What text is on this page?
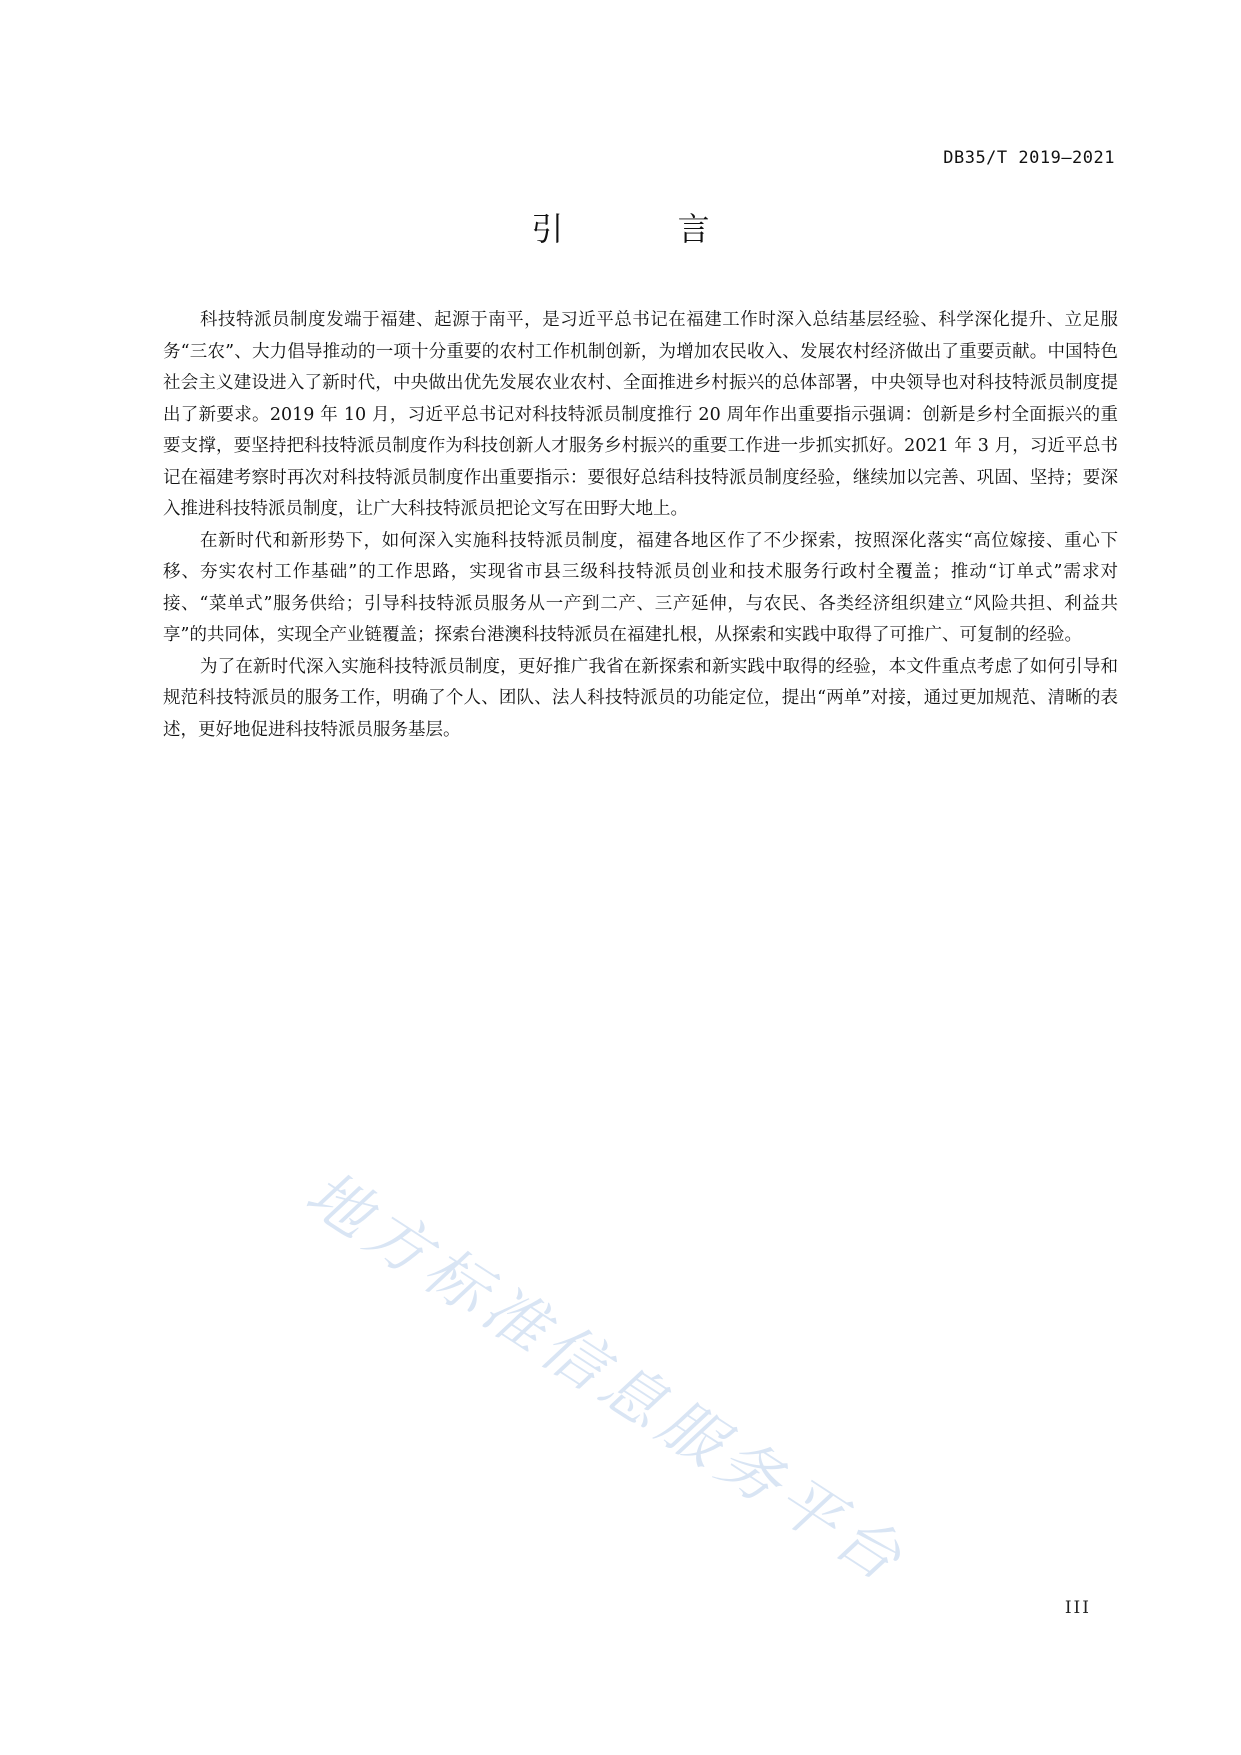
DB35/T 2019—2021
引 言

科技特派员制度发端于福建、起源于南平，是习近平总书记在福建工作时深入总结基层经验、科学深化提升、立足服务“三农”、大力倡导推动的一项十分重要的农村工作机制创新，为增加农民收入、发展农村经济做出了重要贡献。中国特色社会主义建设进入了新时代，中央做出优先发展农业农村、全面推进乡村振兴的总体部署，中央领导也对科技特派员制度提出了新要求。2019 年 10 月，习近平总书记对科技特派员制度推行 20 周年作出重要指示强调：创新是乡村全面振兴的重要支撑，要坚持把科技特派员制度作为科技创新人才服务乡村振兴的重要工作进一步抓实抓好。2021 年 3 月，习近平总书记在福建考察时再次对科技特派员制度作出重要指示：要很好总结科技特派员制度经验，继续加以完善、巩固、坚持；要深入推进科技特派员制度，让广大科技特派员把论文写在田野大地上。

在新时代和新形势下，如何深入实施科技特派员制度，福建各地区作了不少探索，按照深化落实“高位嫁接、重心下移、夯实农村工作基础”的工作思路，实现省市县三级科技特派员创业和技术服务行政村全覆盖；推动“订单式”需求对接、“菜单式”服务供给；引导科技特派员服务从一产到二产、三产延伸，与农民、各类经济组织建立“风险共担、利益共享”的共同体，实现全产业链覆盖；探索台港澳科技特派员在福建扎根，从探索和实践中取得了可推广、可复制的经验。

为了在新时代深入实施科技特派员制度，更好推广我省在新探索和新实践中取得的经验，本文件重点考虑了如何引导和规范科技特派员的服务工作，明确了个人、团队、法人科技特派员的功能定位，提出“两单”对接，通过更加规范、清晰的表述，更好地促进科技特派员服务基层。

地方标准信息服务平台
III
